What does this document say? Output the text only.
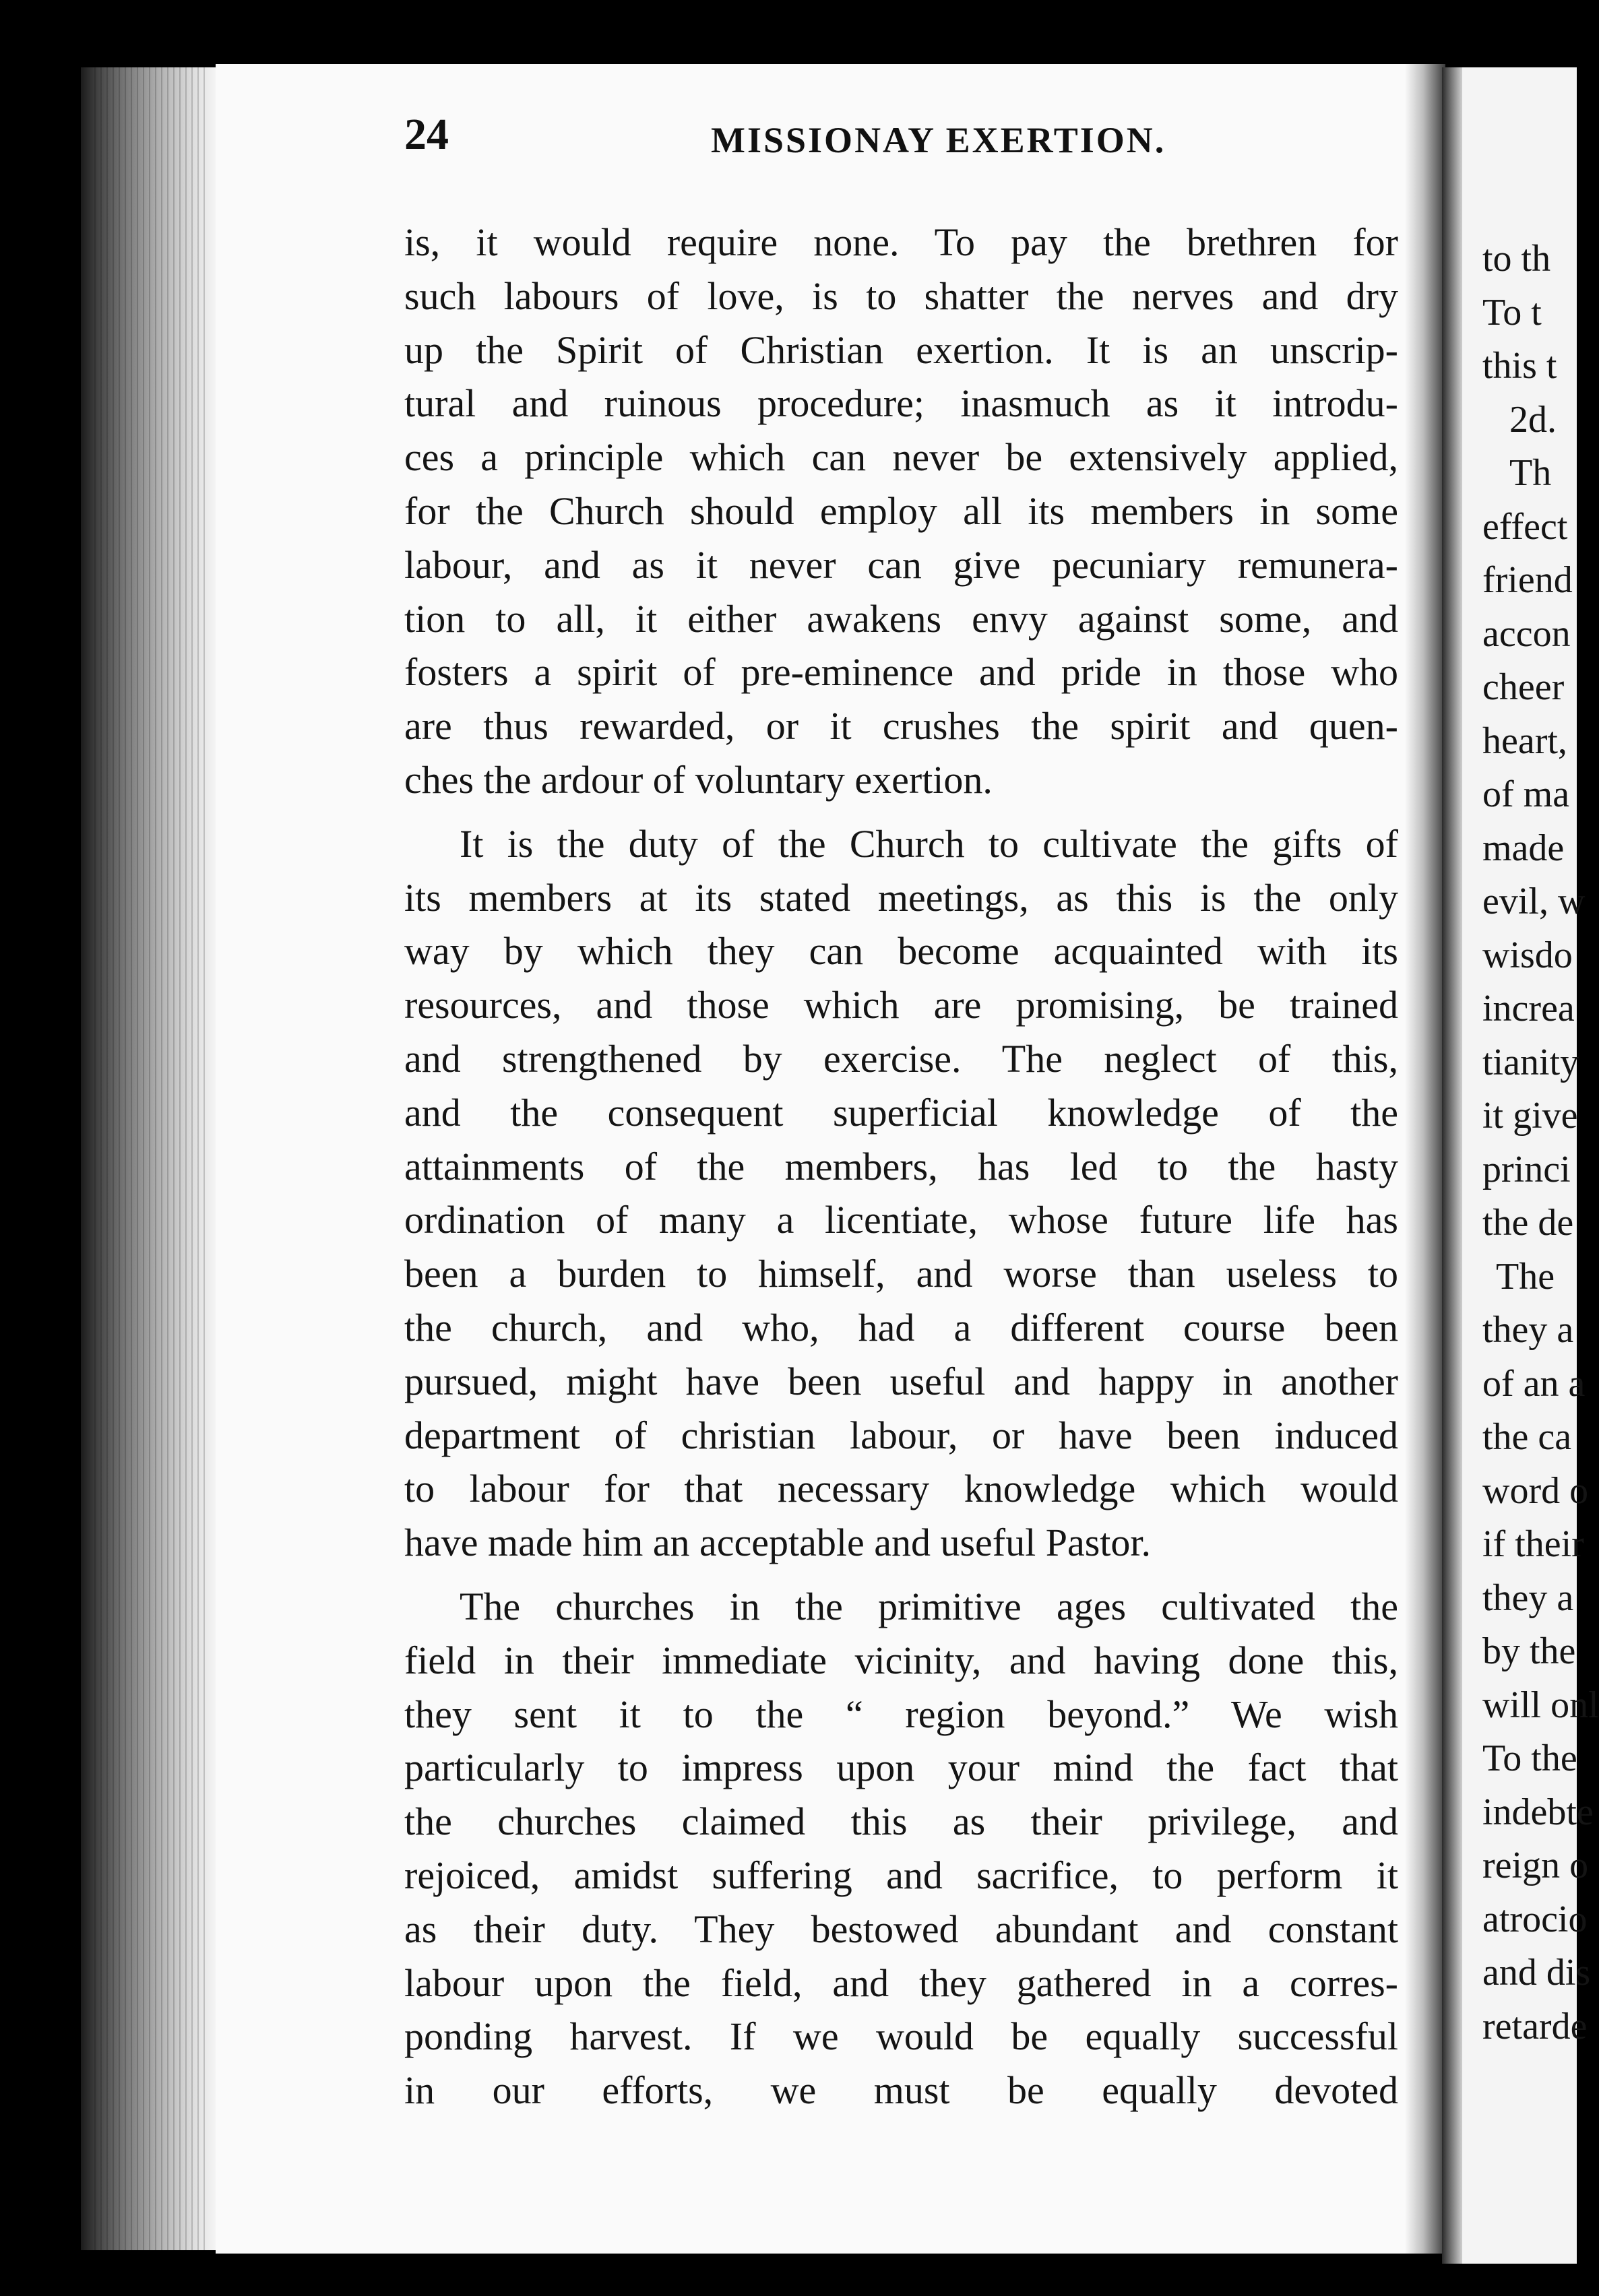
24	MISSIONAY EXERTION.
is, it would require none. To pay the brethren for
such labours of love, is to shatter the nerves and dry
up the Spirit of Christian exertion. It is an unscrip-
tural and ruinous procedure; inasmuch as it introdu-
ces a principle which can never be extensively applied,
for the Church should employ all its members in some
labour, and as it never can give pecuniary remunera-
tion to all, it either awakens envy against some, and
fosters a spirit of pre-eminence and pride in those who
are thus rewarded, or it crushes the spirit and quen-
ches the ardour of voluntary exertion.
It is the duty of the Church to cultivate the gifts of
its members at its stated meetings, as this is the only
way by which they can become acquainted with its
resources, and those which are promising, be trained
and strengthened by exercise. The neglect of this,
and the consequent superficial knowledge of the
attainments of the members, has led to the hasty
ordination of many a licentiate, whose future life has
been a burden to himself, and worse than useless to
the church, and who, had a different course been
pursued, might have been useful and happy in another
department of christian labour, or have been induced
to labour for that necessary knowledge which would
have made him an acceptable and useful Pastor.
The churches in the primitive ages cultivated the
field in their immediate vicinity, and having done this,
they sent it to the “ region beyond.” We wish
particularly to impress upon your mind the fact that
the churches claimed this as their privilege, and
rejoiced, amidst suffering and sacrifice, to perform it
as their duty. They bestowed abundant and constant
labour upon the field, and they gathered in a corres-
ponding harvest. If we would be equally successful
in our efforts, we must be equally devoted
to th
To t
this t
2d.
Th
effect
friend
accon
cheer
heart,
of ma
made
evil, w
wisdo
increa
tianity
it give
princi
the de
The
they a
of an a
the ca
word o
if their
they a
by the
will onl
To the
indebte
reign o
atrocio
and dis
retarde
